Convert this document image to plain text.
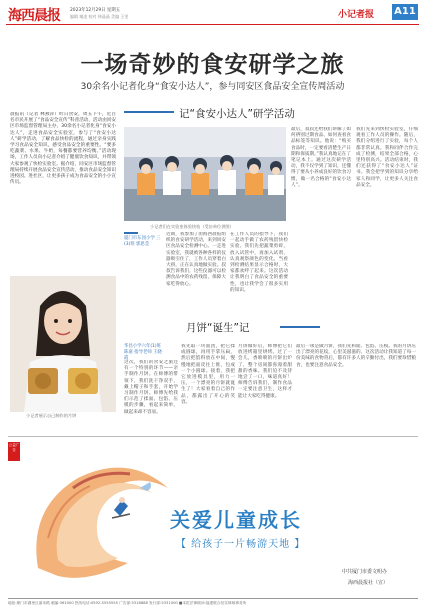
海西晨报 2023年12月29日 星期五
编辑 谢凌 校对 林晶晶 美编 王雯	小记者报 A11
一场奇妙的食安研学之旅
30余名小记者化身“食安小达人”，参与同安区食品安全宣传周活动
记“食安小达人”研学活动
晨报讯（记者 林燕萍）昨日食安，周五下午，近百名市民开展了“食品安全宣传”科普活动，活动由同安区市场监督管理局主办，30余名小记者化身“食安小达人”，走进食品安全实验室，参与了“食安小达人”研学活动，了解食品快检的流程，通过亲身实践学习食品安全知识，感受食品安全的重要性。“要多吃蔬菜、水果、牛奶，每餐都要营养均衡。”活动现场，工作人员向小记者介绍了健康饮食知识，并带领大家参观了快检实验室。据介绍，同安区市场监督管理局持续开展食品安全宣传活动，推动食品安全知识进校园、进社区，让更多孩子成为食品安全的小小宣传员。
小记者们在实验室体验快检（受访单位供图）
最后，叔叔还给我们讲解了如何辨别过期食品、如何查看食品标签等知识。他说：“购买食品时，一定要看清楚生产日期和保质期。”我认真地记在了笔记本上。通过这次研学活动，我不仅学到了知识，还懂得了要从小养成良好的饮食习惯，做一名合格的“食安小达人”。
我们先来到快检实验室，仔细观看工作人员的操作。随后，我们分组进行了实验，每个人都非常认真。我和同伴合作完成了检测，结果全部合格，心里特别高兴。活动结束时，我们还获得了“食安小达人”证书。我会把学到的知识分享给家人和同学，让更多人关注食品安全。
厦门市东园小学 三(3)班 郭思莹
近期，我参加了由海西晨报组织的食安研学活动，来到同安区食品安全检测中心。一走进实验室，我就被各种各样的仪器吸引住了，工作人员穿着白大褂，正在认真地做实验。叔叔告诉我们，这些仪器可以检测食品中的农药残留，保障大家吃得放心。
在工作人员的指导下，我们一起动手做了农药残留快检实验。我们先把蔬菜剪碎，放入试管中，再加入试剂，认真观察颜色的变化。当看到检测结果显示合格时，大家都欢呼了起来。这次活动让我明白了食品安全的重要性，也让我学会了很多实用的知识。
小记者展示自己制作的月饼
月饼“诞生”记
华昌小学六年(1)班 陈嘉 指导老师 王晓霞
这次，我们的食安之旅还有一个特别的环节——亲手制作月饼。在师傅的带领下，我们洗干净双手，戴上帽子和手套，开始学习制作月饼。师傅先给我们示范了揉面、包馅、压模的步骤，看起来简单，做起来却不容易。
我先取一块面团，把它揉成圆球，再用手掌压扁，然后把馅料放在中间，慢慢地把面皮往上推，包成一个小圆球。接着，我把它放进模具里，用力一压，一个漂亮的月饼就诞生了！大家看着自己的作品，都露出了开心的笑容。
月饼做好后，师傅把它们放进烤箱里烘烤。过了一会儿，香喷喷的月饼出炉了，整个房间都弥漫着甜甜的香味。我们迫不及待地尝了一口，味道真好！师傅告诉我们，制作食品一定要注意卫生，这样才能让大家吃得健康。
最后一项是做月饼，我们先和面、包馅、压模。我的月饼压出了漂亮的花纹，心里美滋滋的。这次活动让我知道了每一份美味的食物背后，都有许多人的辛勤付出，我们要珍惜粮食，也要注意食品安全。
公益广告
关爱儿童成长
【 给孩子一片畅游天地 】
中共厦门市委文明办
海西晨报社（宣）
地址:厦门市湖里区嘉禾路 邮编:361000 热线电话:0592-5555555 广告部:5318888 发行部:5331000 ■本报法律顾问:福建联合信实律师事务所
